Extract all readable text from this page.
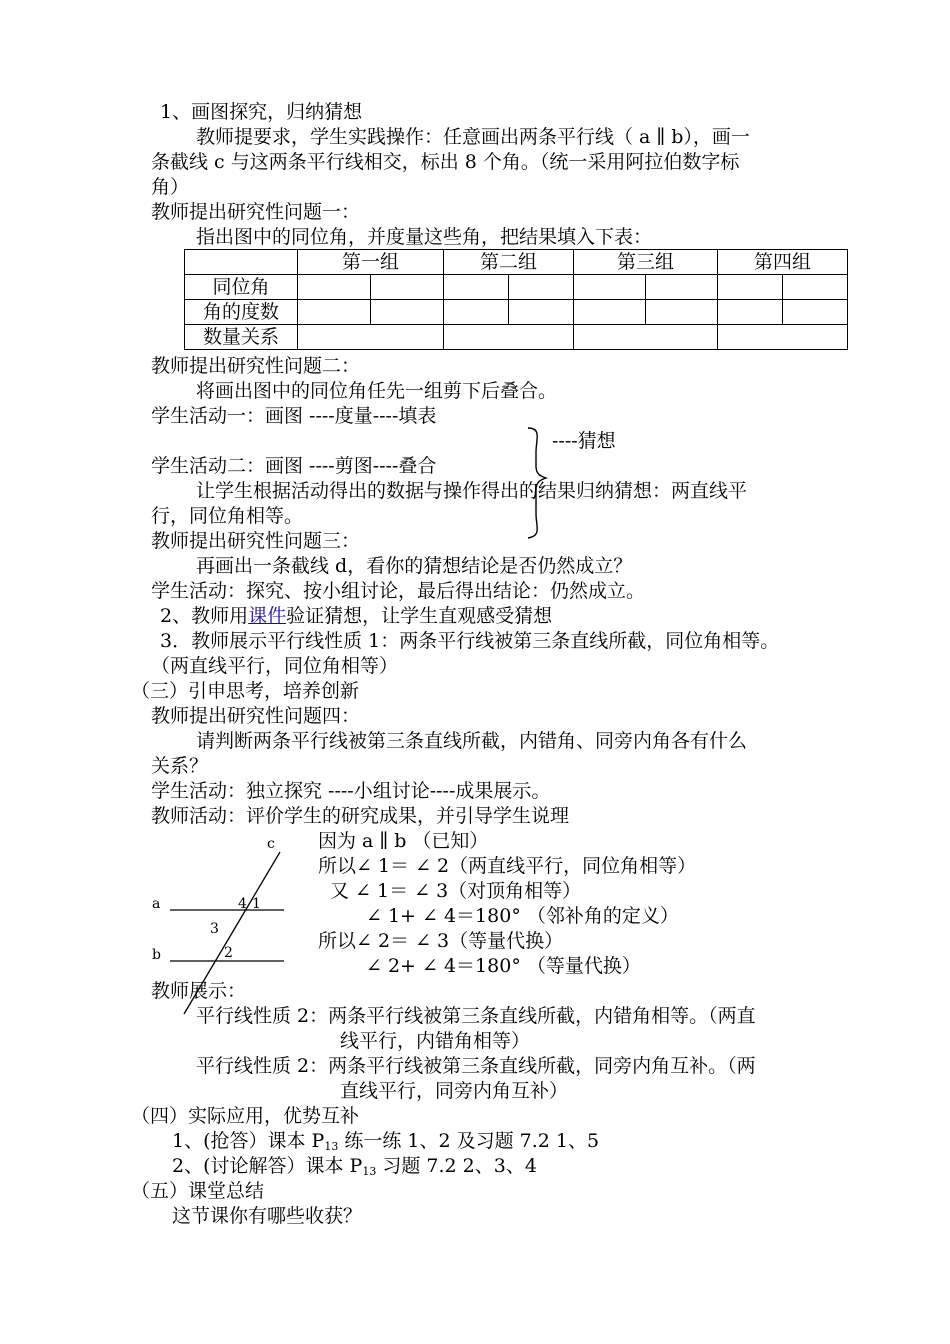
1、画图探究，归纳猜想
教师提要求，学生实践操作：任意画出两条平行线（ a ∥ b），画一
条截线 c 与这两条平行线相交，标出 8 个角。（统一采用阿拉伯数字标
角）
教师提出研究性问题一：
指出图中的同位角，并度量这些角，把结果填入下表：
	第一组		第二组		第三组		第四组	
同位角								
角的度数								
数量关系								
教师提出研究性问题二：
将画出图中的同位角任先一组剪下后叠合。
学生活动一：画图 ----度量----填表
----猜想
学生活动二：画图 ----剪图----叠合
让学生根据活动得出的数据与操作得出的结果归纳猜想：两直线平
行，同位角相等。
教师提出研究性问题三：
再画出一条截线 d，看你的猜想结论是否仍然成立？
学生活动：探究、按小组讨论，最后得出结论：仍然成立。
2、教师用课件验证猜想，让学生直观感受猜想
3．教师展示平行线性质 1：两条平行线被第三条直线所截，同位角相等。
（两直线平行，同位角相等）
（三）引申思考，培养创新
教师提出研究性问题四：
请判断两条平行线被第三条直线所截，内错角、同旁内角各有什么
关系？
学生活动：独立探究 ----小组讨论----成果展示。
教师活动：评价学生的研究成果，并引导学生说理
因为 a ∥ b （已知）
所以∠ 1＝ ∠ 2（两直线平行，同位角相等）
又 ∠ 1＝ ∠ 3（对顶角相等）
∠ 1+ ∠ 4＝180° （邻补角的定义）
所以∠ 2＝ ∠ 3（等量代换）
∠ 2+ ∠ 4＝180° （等量代换）
教师展示：
平行线性质 2：两条平行线被第三条直线所截，内错角相等。（两直
线平行，内错角相等）
平行线性质 2：两条平行线被第三条直线所截，同旁内角互补。（两
直线平行，同旁内角互补）
（四）实际应用，优势互补
1、(抢答）课本 $P_{13}$ 练一练 1、2 及习题 7.2 1、5
2、(讨论解答）课本 $P_{13}$ 习题 7.2 2、3、4
（五）课堂总结
这节课你有哪些收获？
c
a
b
4 1
3
2
